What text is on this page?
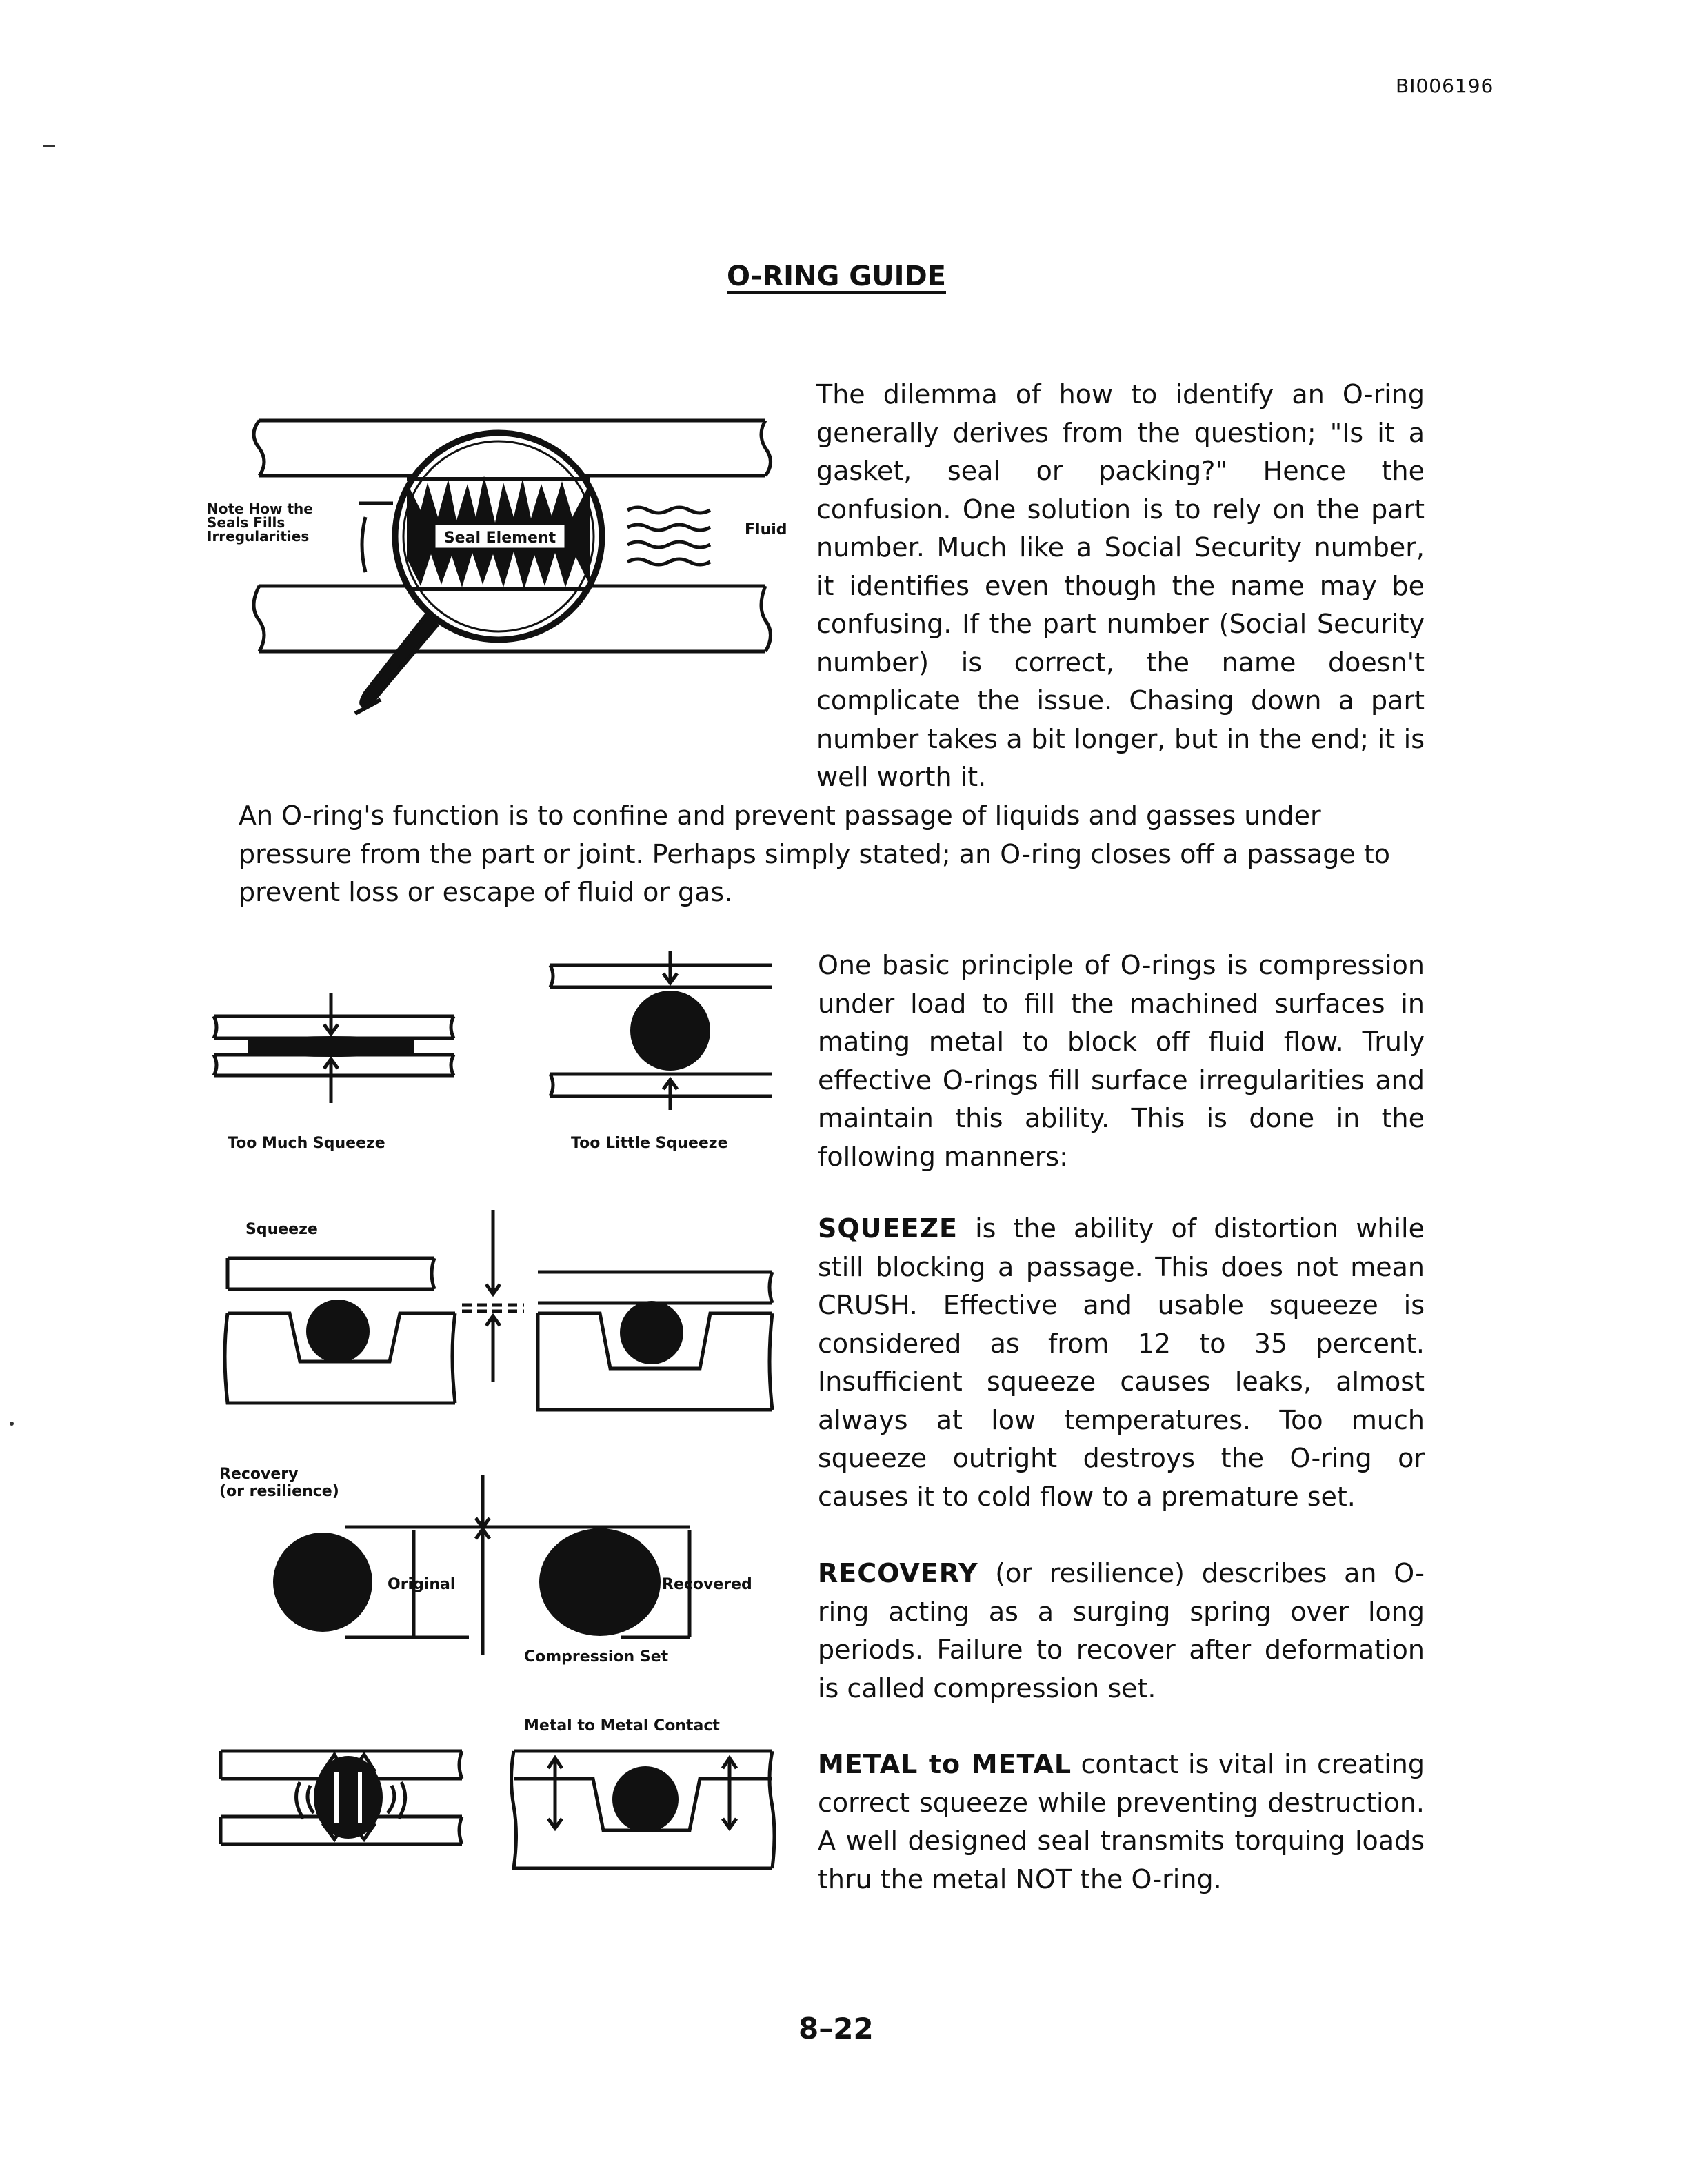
BI006196
O-RING GUIDE

The dilemma of how to identify an O-ring generally derives from the question; "Is it a gasket, seal or packing?" Hence the confusion. One solution is to rely on the part number. Much like a Social Security number, it identifies even though the name may be confusing. If the part number (Social Security number) is correct, the name doesn't complicate the issue. Chasing down a part number takes a bit longer, but in the end; it is well worth it.

An O-ring's function is to confine and prevent passage of liquids and gasses under pressure from the part or joint. Perhaps simply stated; an O-ring closes off a passage to prevent loss or escape of fluid or gas.

One basic principle of O-rings is compression under load to fill the machined surfaces in mating metal to block off fluid flow. Truly effective O-rings fill surface irregularities and maintain this ability. This is done in the following manners:

SQUEEZE is the ability of distortion while still blocking a passage. This does not mean CRUSH. Effective and usable squeeze is considered as from 12 to 35 percent. Insufficient squeeze causes leaks, almost always at low temperatures. Too much squeeze outright destroys the O-ring or causes it to cold flow to a premature set.

RECOVERY (or resilience) describes an O-ring acting as a surging spring over long periods. Failure to recover after deformation is called compression set.

METAL to METAL contact is vital in creating correct squeeze while preventing destruction. A well designed seal transmits torquing loads thru the metal NOT the O-ring.

Seal Element
Note How the
Seals Fills
Irregularities	Fluid
Too Much Squeeze	Too Little Squeeze
Squeeze
Recovery
(or resilience)
Original	Recovered
Compression Set
Metal to Metal Contact
8–22
